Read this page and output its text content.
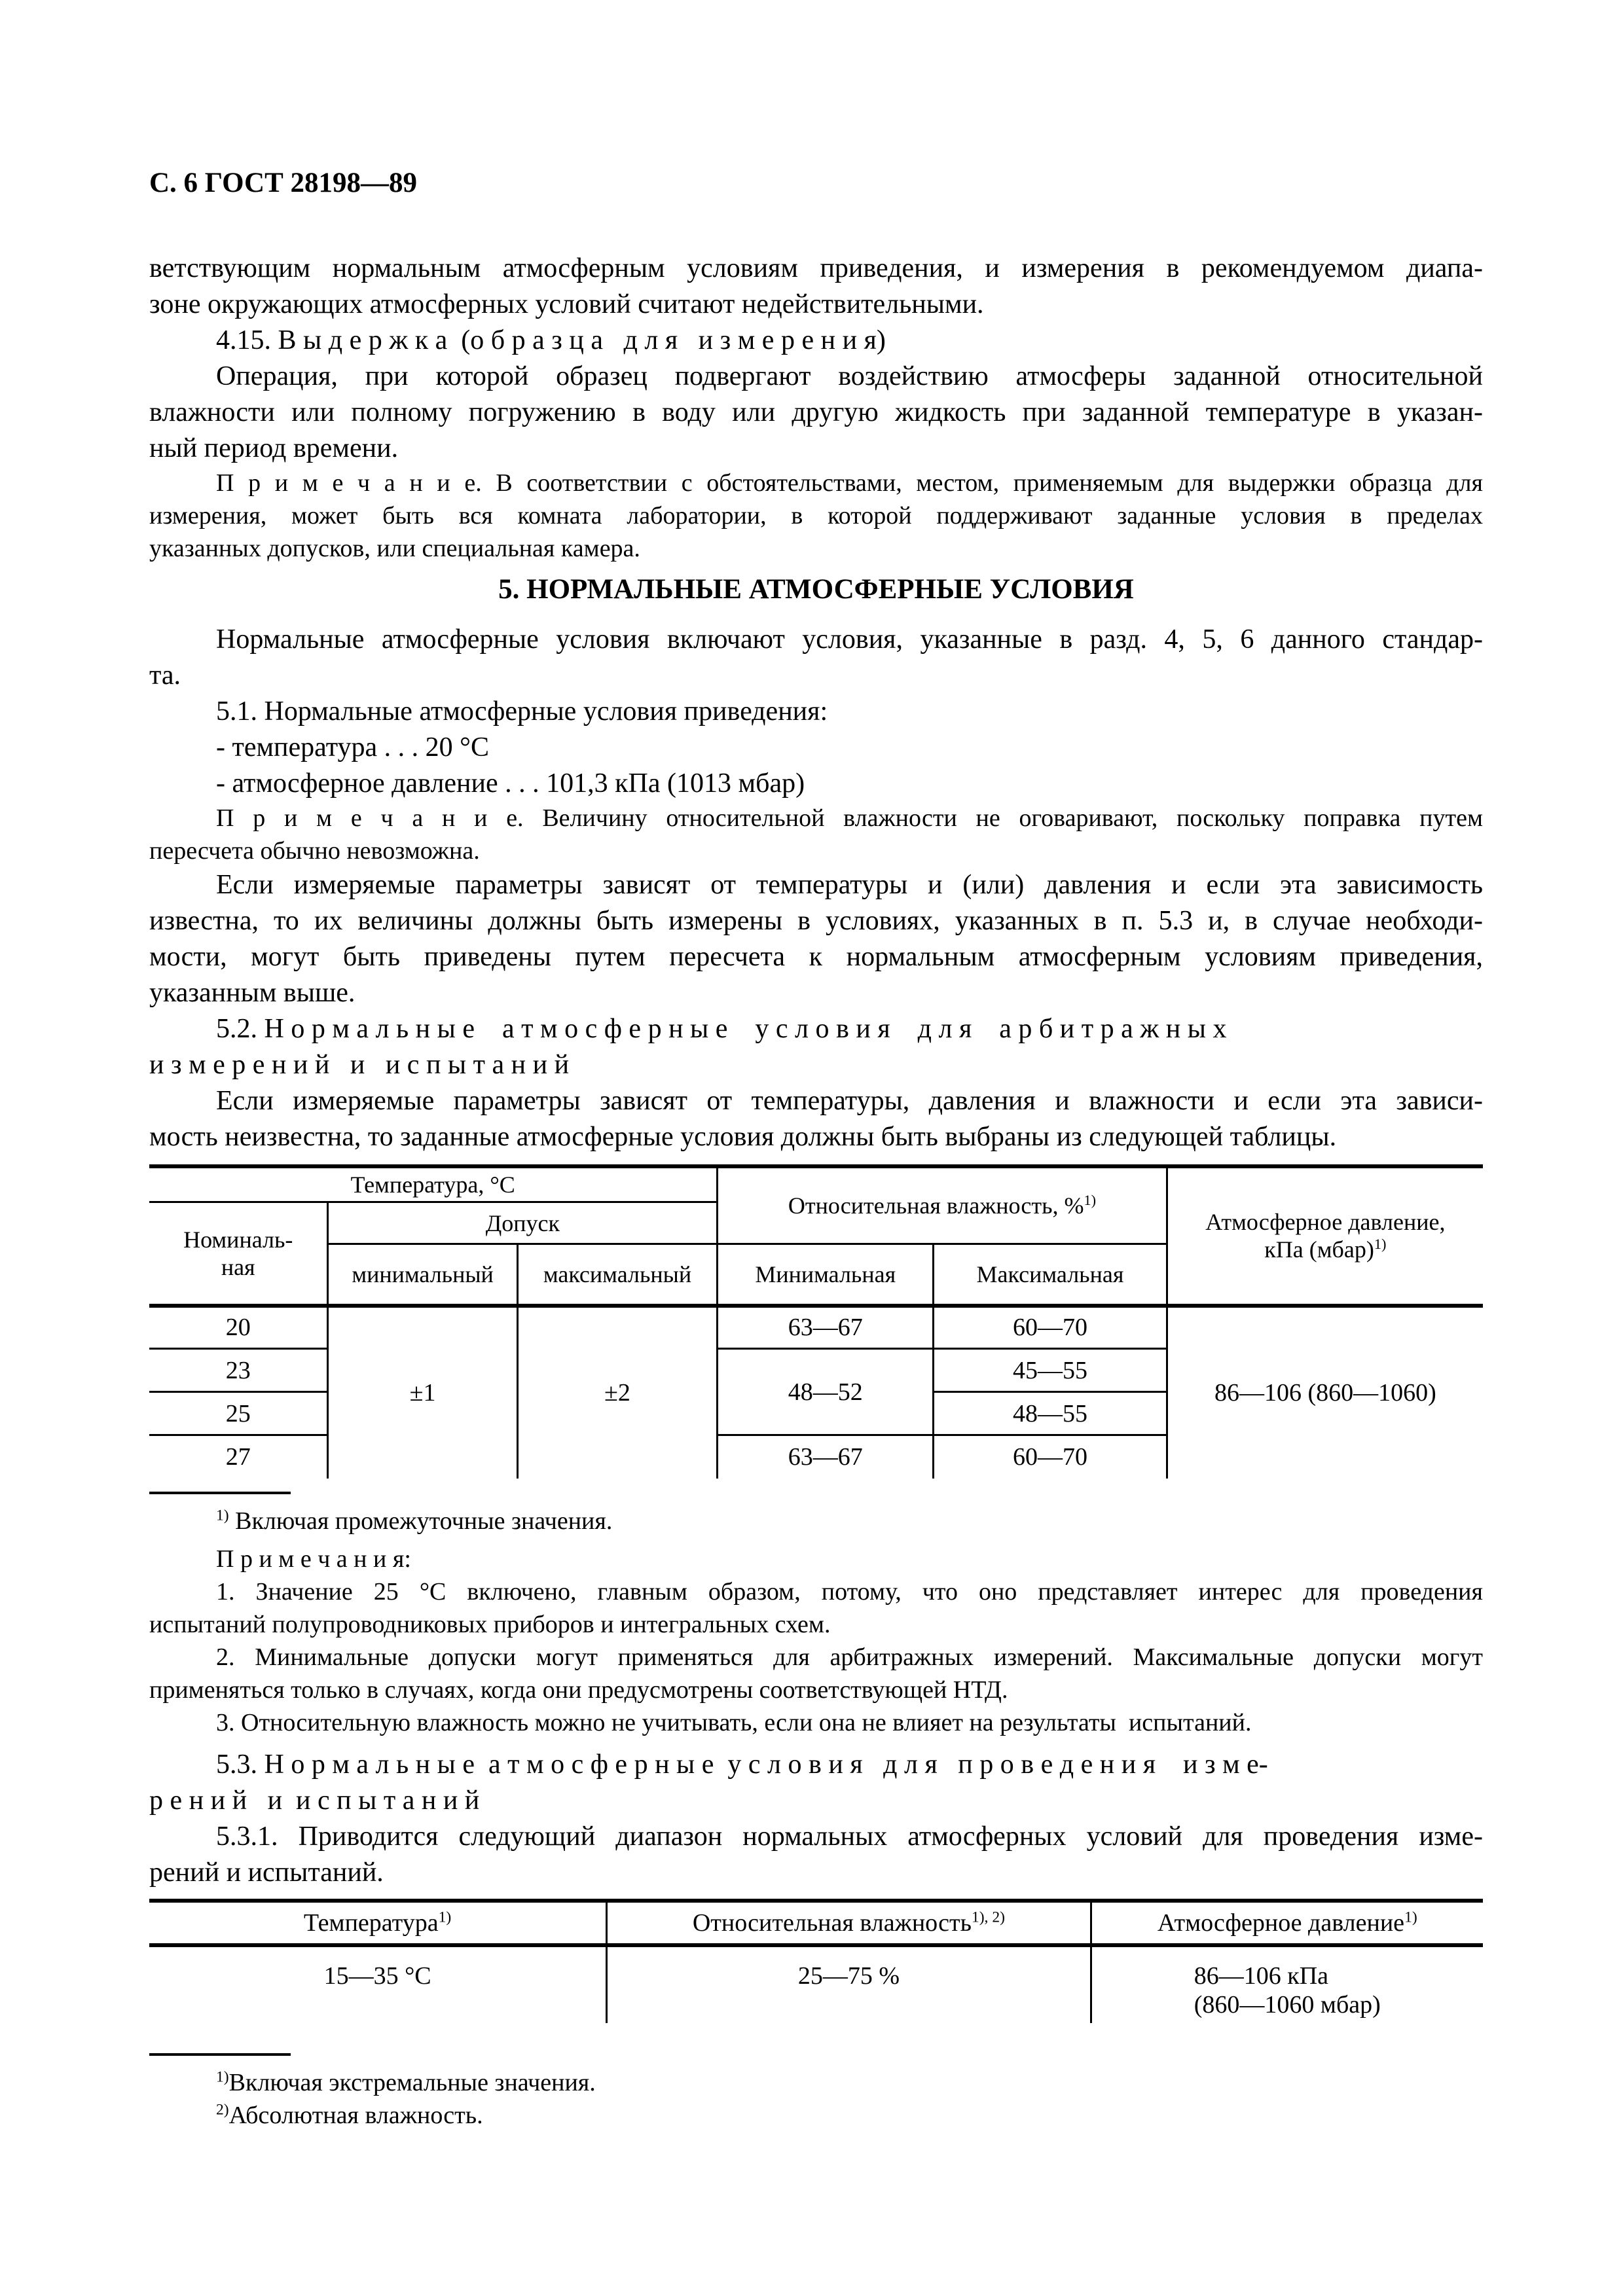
С. 6 ГОСТ 28198—89
ветствующим нормальным атмосферным условиям приведения, и измерения в рекомендуемом диапа-
зоне окружающих атмосферных условий считают недействительными.
4.15. В ы д е р ж к а  (о б р а з ц а   д л я   и з м е р е н и я)
Операция, при которой образец подвергают воздействию атмосферы заданной относительной
влажности или полному погружению в воду или другую жидкость при заданной температуре в указан-
ный период времени.
П р и м е ч а н и е. В соответствии с обстоятельствами, местом, применяемым для выдержки образца для
измерения, может быть вся комната лаборатории, в которой поддерживают заданные условия в пределах
указанных допусков, или специальная камера.
5. НОРМАЛЬНЫЕ АТМОСФЕРНЫЕ УСЛОВИЯ
Нормальные атмосферные условия включают условия, указанные в разд. 4, 5, 6 данного стандар-
та.
5.1. Нормальные атмосферные условия приведения:
- температура . . . 20 °С
- атмосферное давление . . . 101,3 кПа (1013 мбар)
П р и м е ч а н и е. Величину относительной влажности не оговаривают, поскольку поправка путем
пересчета обычно невозможна.
Если измеряемые параметры зависят от температуры и (или) давления и если эта зависимость
известна, то их величины должны быть измерены в условиях, указанных в п. 5.3 и, в случае необходи-
мости, могут быть приведены путем пересчета к нормальным атмосферным условиям приведения,
указанным выше.
5.2. Н о р м а л ь н ы е    а т м о с ф е р н ы е    у с л о в и я    д л я    а р б и т р а ж н ы х
и з м е р е н и й   и   и с п ы т а н и й
Если измеряемые параметры зависят от температуры, давления и влажности и если эта зависи-
мость неизвестна, то заданные атмосферные условия должны быть выбраны из следующей таблицы.
Температура, °С			Относительная влажность, %$^{1)}$		Атмосферное давление,
кПа (мбар)$^{1)}$

Номиналь-
ная	Допуск				
	минимальный	максимальный	Минимальная	Максимальная	
20	±1	±2	63—67	60—70	86—106 (860—1060)
23			48—52	45—55	
25				48—55	
27			63—67	60—70	
$^{1)}$ Включая промежуточные значения.
П р и м е ч а н и я:
1. Значение 25 °С включено, главным образом, потому, что оно представляет интерес для проведения
испытаний полупроводниковых приборов и интегральных схем.
2. Минимальные допуски могут применяться для арбитражных измерений. Максимальные допуски могут
применяться только в случаях, когда они предусмотрены соответствующей НТД.
3. Относительную влажность можно не учитывать, если она не влияет на результаты  испытаний.
5.3. Н о р м а л ь н ы е  а т м о с ф е р н ы е  у с л о в и я   д л я   п р о в е д е н и я    и з м е-
р е н и й   и  и с п ы т а н и й
5.3.1. Приводится следующий диапазон нормальных атмосферных условий для проведения изме-
рений и испытаний.
Температура$^{1)}$	Относительная влажность$^{1), 2)}$	Атмосферное давление$^{1)}$
15—35 °С	25—75 %	86—106 кПа
(860—1060 мбар)
$^{1)}$Включая экстремальные значения.
$^{2)}$Абсолютная влажность.
